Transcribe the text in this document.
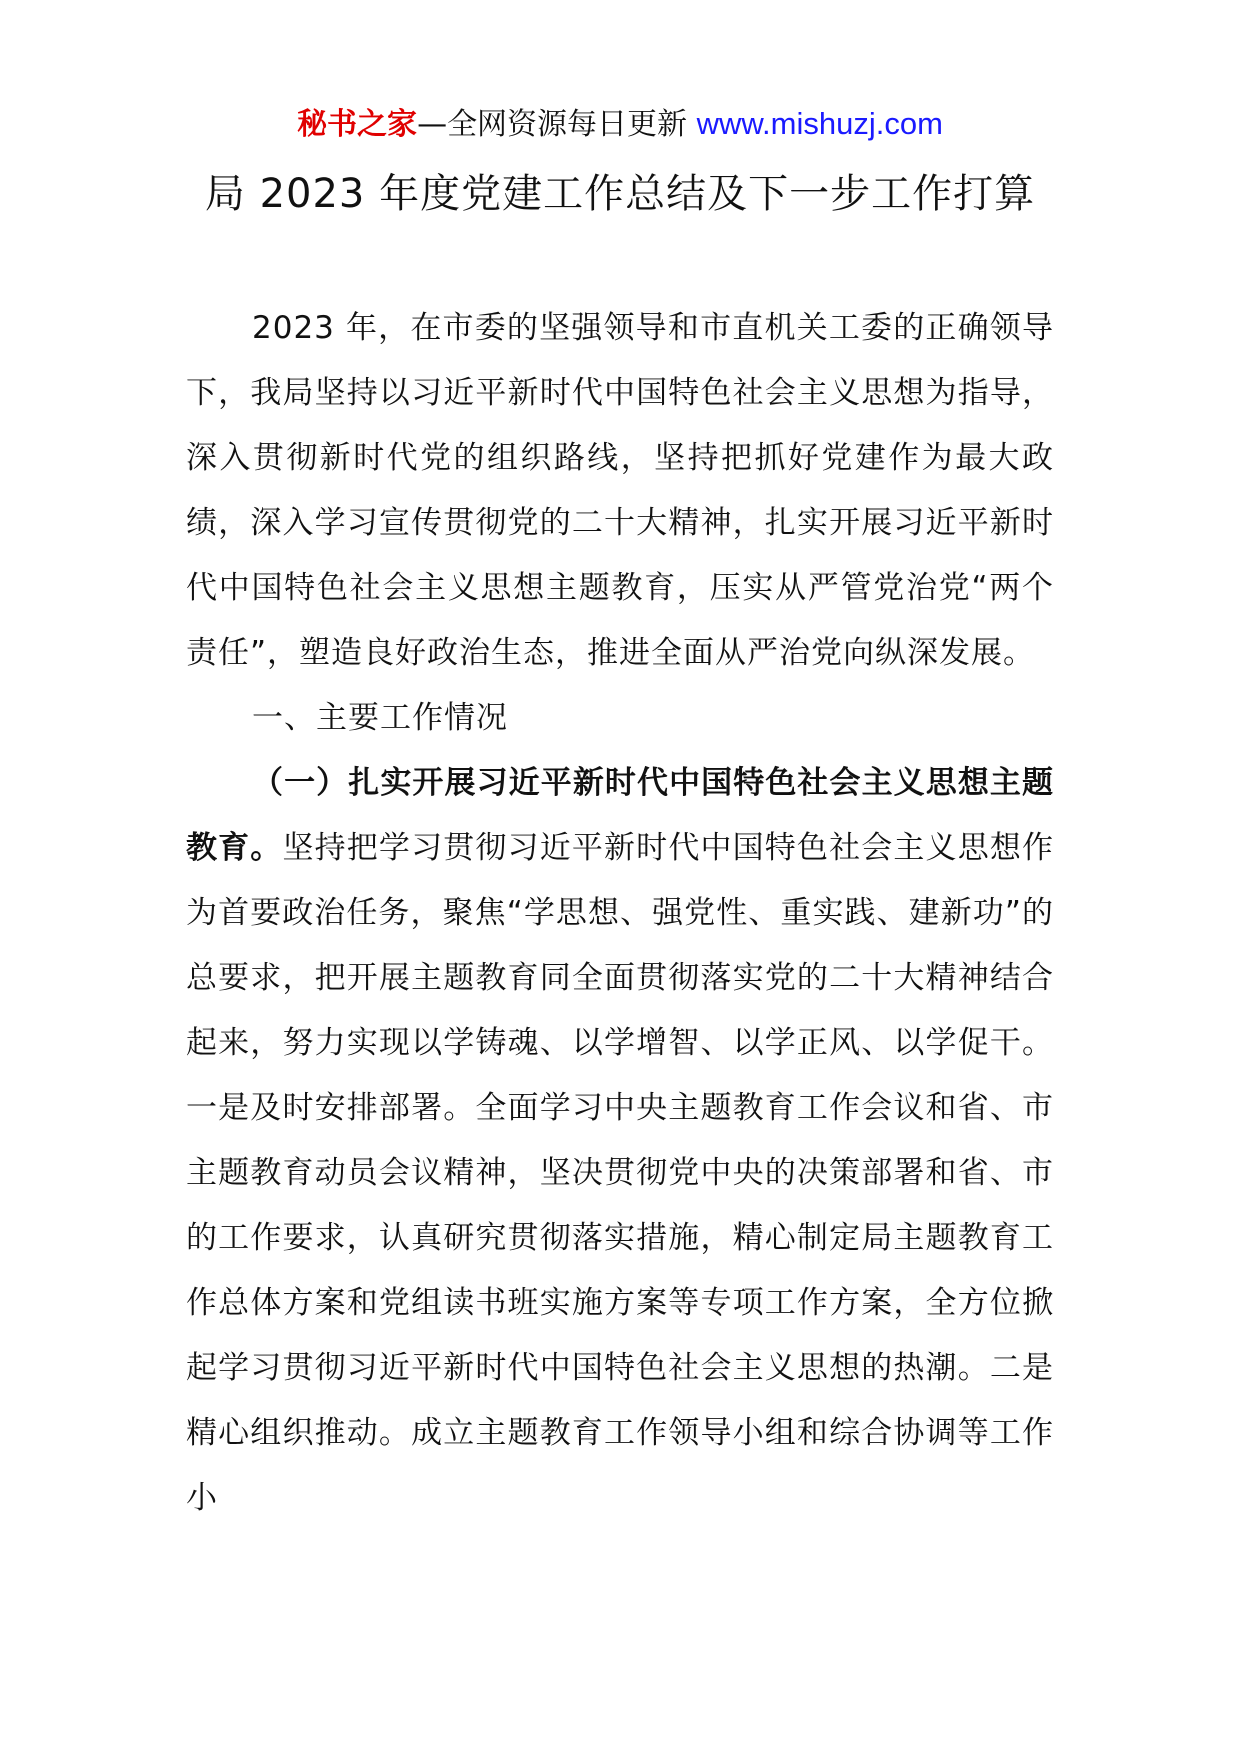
秘书之家—全网资源每日更新 www.mishuzj.com
局 2023 年度党建工作总结及下一步工作打算

2023 年，在市委的坚强领导和市直机关工委的正确领导下，我局坚持以习近平新时代中国特色社会主义思想为指导，深入贯彻新时代党的组织路线，坚持把抓好党建作为最大政绩，深入学习宣传贯彻党的二十大精神，扎实开展习近平新时代中国特色社会主义思想主题教育，压实从严管党治党“两个责任”，塑造良好政治生态，推进全面从严治党向纵深发展。

一、主要工作情况

（一）扎实开展习近平新时代中国特色社会主义思想主题教育。坚持把学习贯彻习近平新时代中国特色社会主义思想作为首要政治任务，聚焦“学思想、强党性、重实践、建新功”的总要求，把开展主题教育同全面贯彻落实党的二十大精神结合起来，努力实现以学铸魂、以学增智、以学正风、以学促干。一是及时安排部署。全面学习中央主题教育工作会议和省、市主题教育动员会议精神，坚决贯彻党中央的决策部署和省、市的工作要求，认真研究贯彻落实措施，精心制定局主题教育工作总体方案和党组读书班实施方案等专项工作方案，全方位掀起学习贯彻习近平新时代中国特色社会主义思想的热潮。二是精心组织推动。成立主题教育工作领导小组和综合协调等工作小
